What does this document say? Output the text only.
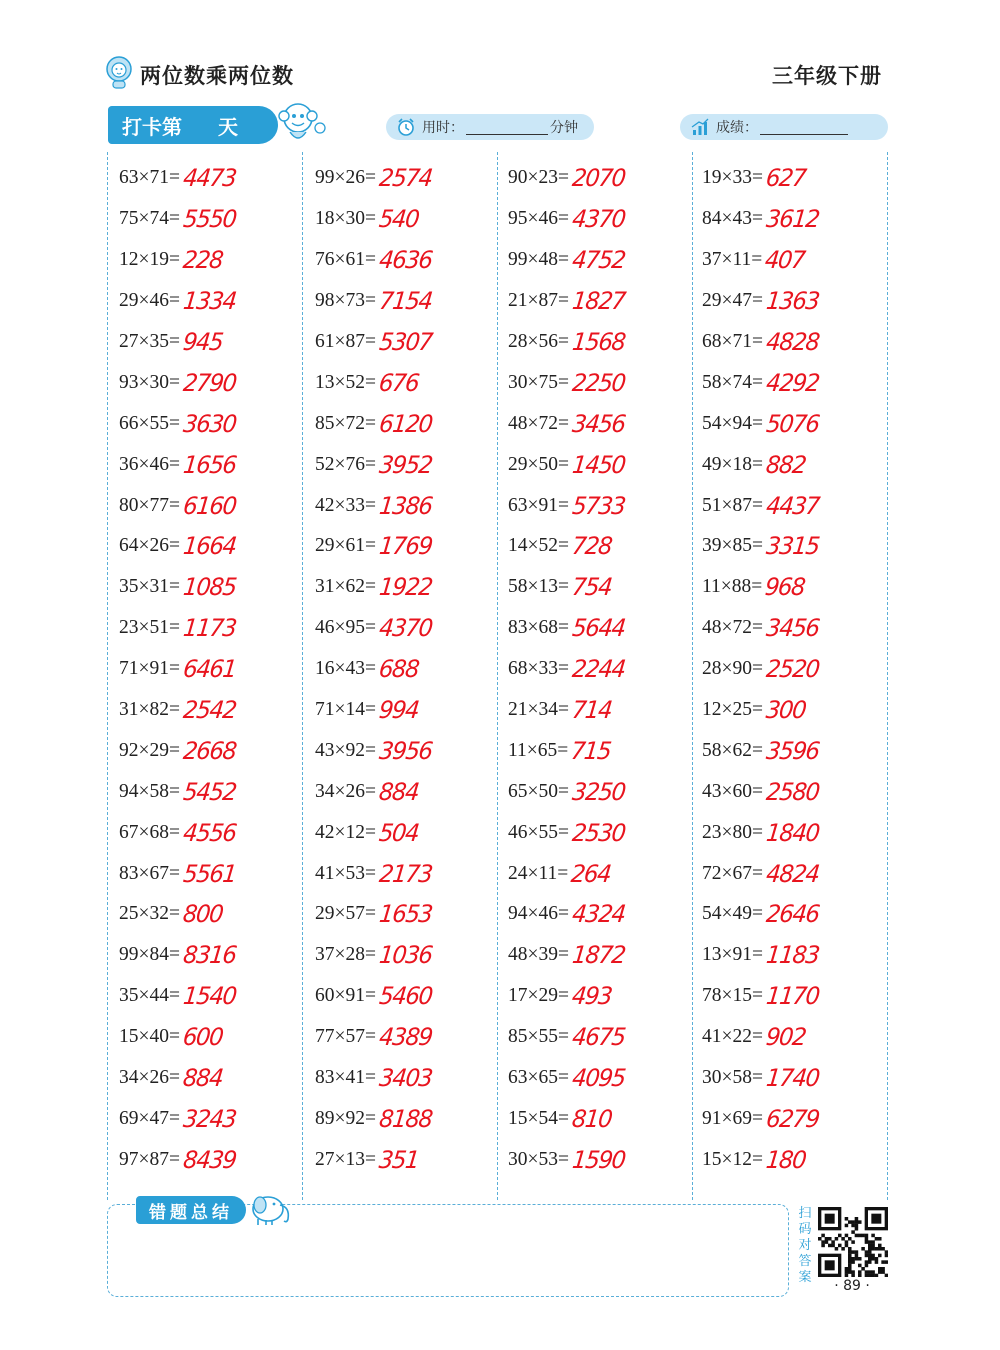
两位数乘两位数	三年级下册
打卡第 天	用时：	分钟	成绩：
63×71= 4473
75×74= 5550
12×19= 228
29×46= 1334
27×35= 945
93×30= 2790
66×55= 3630
36×46= 1656
80×77= 6160
64×26= 1664
35×31= 1085
23×51= 1173
71×91= 6461
31×82= 2542
92×29= 2668
94×58= 5452
67×68= 4556
83×67= 5561
25×32= 800
99×84= 8316
35×44= 1540
15×40= 600
34×26= 884
69×47= 3243
97×87= 8439
99×26= 2574
18×30= 540
76×61= 4636
98×73= 7154
61×87= 5307
13×52= 676
85×72= 6120
52×76= 3952
42×33= 1386
29×61= 1769
31×62= 1922
46×95= 4370
16×43= 688
71×14= 994
43×92= 3956
34×26= 884
42×12= 504
41×53= 2173
29×57= 1653
37×28= 1036
60×91= 5460
77×57= 4389
83×41= 3403
89×92= 8188
27×13= 351
90×23= 2070
95×46= 4370
99×48= 4752
21×87= 1827
28×56= 1568
30×75= 2250
48×72= 3456
29×50= 1450
63×91= 5733
14×52= 728
58×13= 754
83×68= 5644
68×33= 2244
21×34= 714
11×65= 715
65×50= 3250
46×55= 2530
24×11= 264
94×46= 4324
48×39= 1872
17×29= 493
85×55= 4675
63×65= 4095
15×54= 810
30×53= 1590
19×33= 627
84×43= 3612
37×11= 407
29×47= 1363
68×71= 4828
58×74= 4292
54×94= 5076
49×18= 882
51×87= 4437
39×85= 3315
11×88= 968
48×72= 3456
28×90= 2520
12×25= 300
58×62= 3596
43×60= 2580
23×80= 1840
72×67= 4824
54×49= 2646
13×91= 1183
78×15= 1170
41×22= 902
30×58= 1740
91×69= 6279
15×12= 180
错题总结	扫
码
对
答
案
· 89 ·
